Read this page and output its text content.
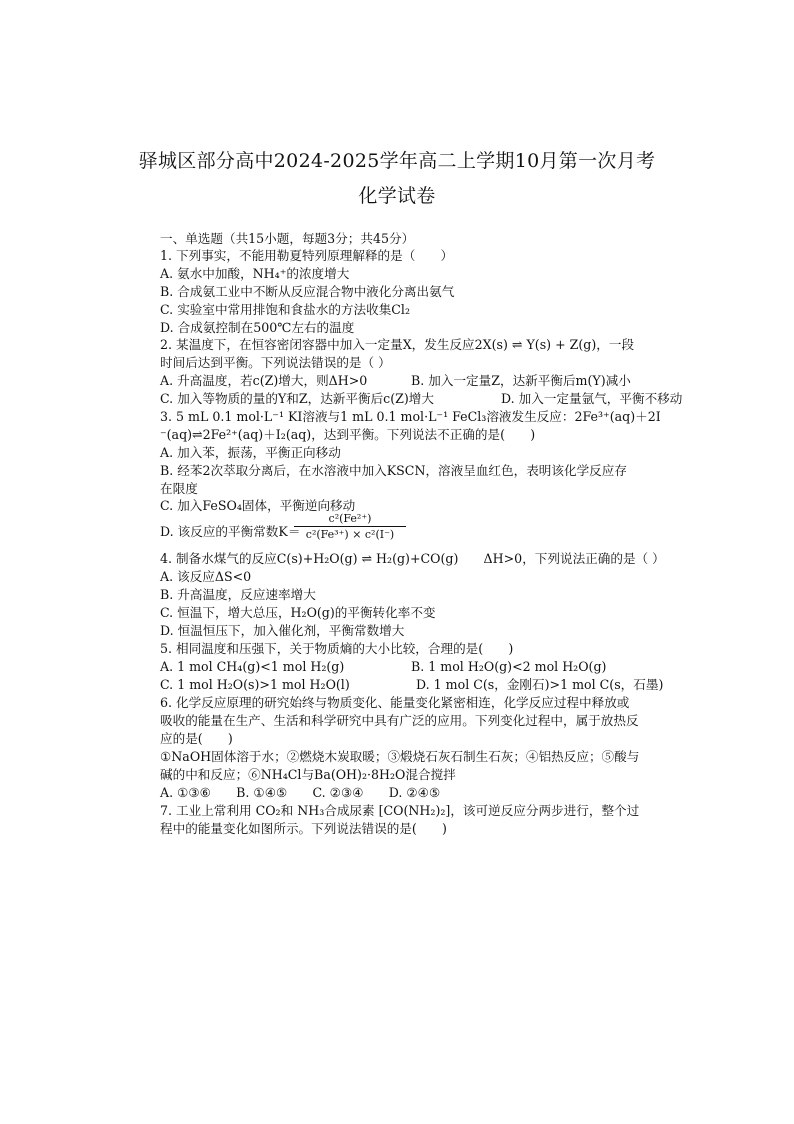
驿城区部分高中2024-2025学年高二上学期10月第一次月考
化学试卷
一、单选题（共15小题，每题3分；共45分）
1. 下列事实，不能用勒夏特列原理解释的是（　　）
A. 氨水中加酸，NH₄⁺的浓度增大
B. 合成氨工业中不断从反应混合物中液化分离出氨气
C. 实验室中常用排饱和食盐水的方法收集Cl₂
D. 合成氨控制在500℃左右的温度
2. 某温度下，在恒容密闭容器中加入一定量X，发生反应2X(s) ⇌ Y(s) + Z(g)，一段
时间后达到平衡。下列说法错误的是（ ）
A. 升高温度，若c(Z)增大，则ΔH>0	B. 加入一定量Z，达新平衡后m(Y)减小
C. 加入等物质的量的Y和Z，达新平衡后c(Z)增大	D. 加入一定量氩气，平衡不移动
3. 5 mL 0.1 mol·L⁻¹ KI溶液与1 mL 0.1 mol·L⁻¹ FeCl₃溶液发生反应：2Fe³⁺(aq)＋2I
⁻(aq)⇌2Fe²⁺(aq)＋I₂(aq)，达到平衡。下列说法不正确的是(　　)
A. 加入苯，振荡，平衡正向移动
B. 经苯2次萃取分离后，在水溶液中加入KSCN，溶液呈血红色，表明该化学反应存
在限度
C. 加入FeSO₄固体，平衡逆向移动
D. 该反应的平衡常数K＝
c²(Fe²⁺)
c²(Fe³⁺) × c²(I⁻)
4. 制备水煤气的反应C(s)+H₂O(g) ⇌ H₂(g)+CO(g)　　ΔH>0，下列说法正确的是（ ）
A. 该反应ΔS<0
B. 升高温度，反应速率增大
C. 恒温下，增大总压，H₂O(g)的平衡转化率不变
D. 恒温恒压下，加入催化剂，平衡常数增大
5. 相同温度和压强下，关于物质熵的大小比较，合理的是(　　)
A. 1 mol CH₄(g)<1 mol H₂(g)	B. 1 mol H₂O(g)<2 mol H₂O(g)
C. 1 mol H₂O(s)>1 mol H₂O(l)	D. 1 mol C(s，金刚石)>1 mol C(s，石墨)
6. 化学反应原理的研究始终与物质变化、能量变化紧密相连，化学反应过程中释放或
吸收的能量在生产、生活和科学研究中具有广泛的应用。下列变化过程中，属于放热反
应的是(　　)
①NaOH固体溶于水；②燃烧木炭取暖；③煅烧石灰石制生石灰；④铝热反应；⑤酸与
碱的中和反应；⑥NH₄Cl与Ba(OH)₂·8H₂O混合搅拌
A. ①③⑥　　B. ①④⑤　　C. ②③④　　D. ②④⑤
7. 工业上常利用 CO₂和 NH₃合成尿素 [CO(NH₂)₂]，该可逆反应分两步进行，整个过
程中的能量变化如图所示。下列说法错误的是(　　)
